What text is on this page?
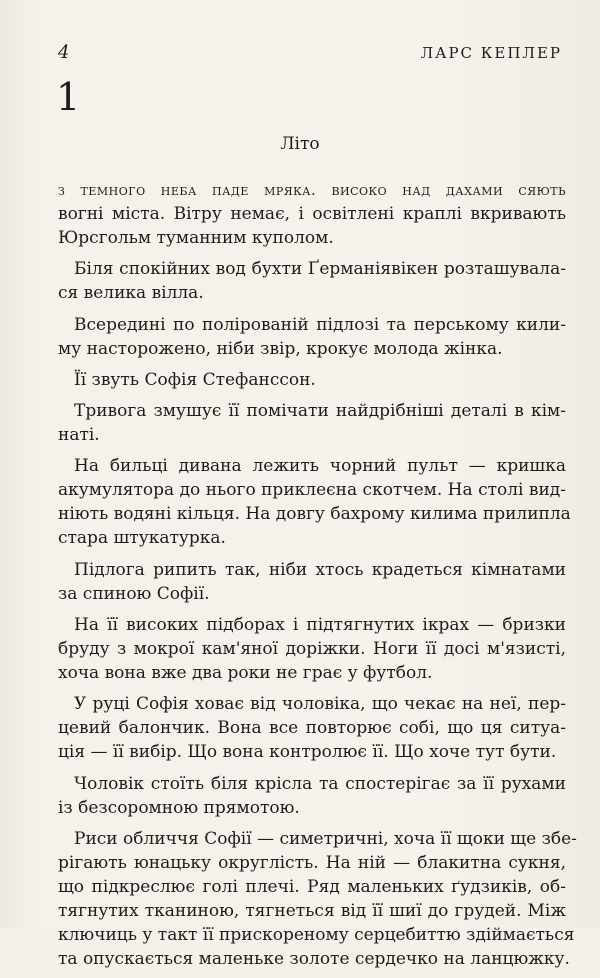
4	ЛАРС КЕПЛЕР
1
Літо
з темного неба паде мряка. високо над дахами сяють
вогні міста. Вітру немає, і освітлені краплі вкривають
Юрсгольм туманним куполом.
Біля спокійних вод бухти Ґерманіявікен розташувала-
ся велика вілла.
Всередині по полірованій підлозі та перському кили-
му насторожено, ніби звір, крокує молода жінка.
Її звуть Софія Стефанссон.
Тривога змушує її помічати найдрібніші деталі в кім-
наті.
На бильці дивана лежить чорний пульт — кришка
акумулятора до нього приклеєна скотчем. На столі вид-
ніють водяні кільця. На довгу бахрому килима прилипла
стара штукатурка.
Підлога рипить так, ніби хтось крадеться кімнатами
за спиною Софії.
На її високих підборах і підтягнутих ікрах — бризки
бруду з мокрої кам'яної доріжки. Ноги її досі м'язисті,
хоча вона вже два роки не грає у футбол.
У руці Софія ховає від чоловіка, що чекає на неї, пер-
цевий балончик. Вона все повторює собі, що ця ситуа-
ція — її вибір. Що вона контролює її. Що хоче тут бути.
Чоловік стоїть біля крісла та спостерігає за її рухами
із безсоромною прямотою.
Риси обличчя Софії — симетричні, хоча її щоки ще збе-
рігають юнацьку округлість. На ній — блакитна сукня,
що підкреслює голі плечі. Ряд маленьких ґудзиків, об-
тягнутих тканиною, тягнеться від її шиї до грудей. Між
ключиць у такт її прискореному серцебиттю здіймається
та опускається маленьке золоте сердечко на ланцюжку.
